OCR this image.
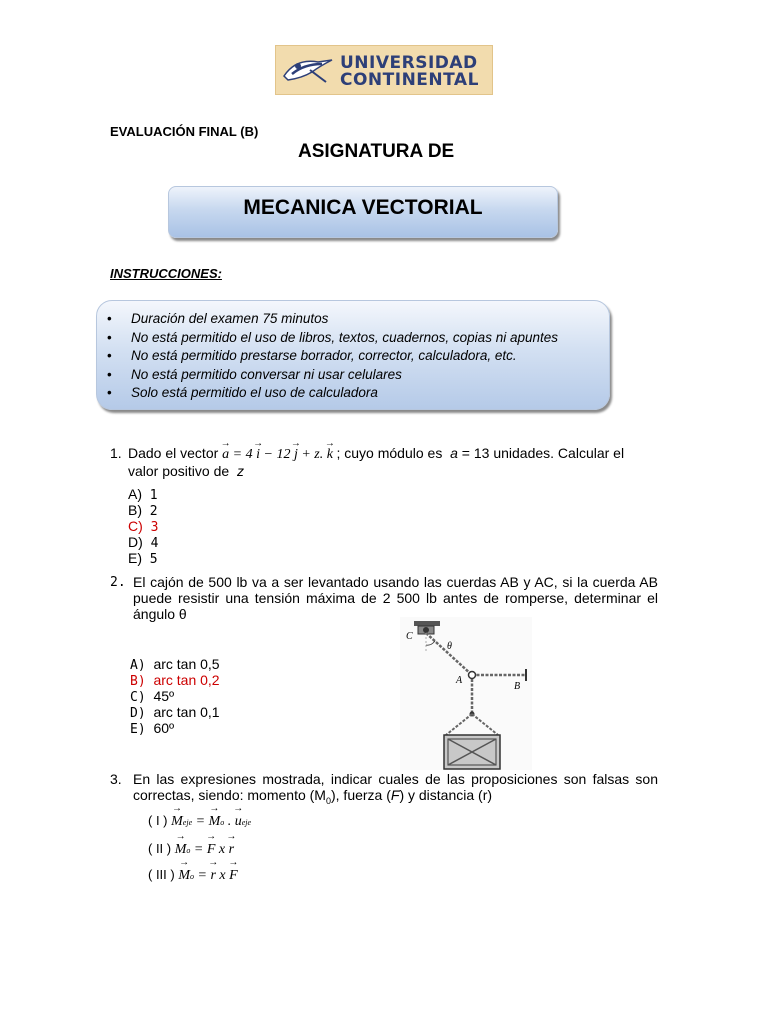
UNIVERSIDAD
CONTINENTAL
EVALUACIÓN FINAL (B)
ASIGNATURA DE
MECANICA VECTORIAL
INSTRUCCIONES:
• Duración del examen 75 minutos
• No está permitido el uso de libros, textos, cuadernos, copias ni apuntes
• No está permitido prestarse borrador, corrector, calculadora, etc.
• No está permitido conversar ni usar celulares
• Solo está permitido el uso de calculadora
1. Dado el vector → a = 4 → i − 12 → j + z. → k ; cuyo módulo es a = 13 unidades. Calcular el
valor positivo de z
A) 1
B) 2
C) 3
D) 4
E) 5
2. El cajón de 500 lb va a ser levantado usando las cuerdas AB y AC, si la cuerda AB
puede resistir una tensión máxima de 2 500 lb antes de romperse, determinar el
ángulo θ
A) arc tan 0,5
B) arc tan 0,2
C) 45º
D) arc tan 0,1
E) 60º
C
θ
A
B
3. En las expresiones mostrada, indicar cuales de las proposiciones son falsas son
correctas, siendo: momento $(M_0)$, fuerza (F) y distancia (r)
( I ) → Meje = → Mo . → ueje
( II ) → Mo = → F x → r
( III ) → Mo = → r x → F
